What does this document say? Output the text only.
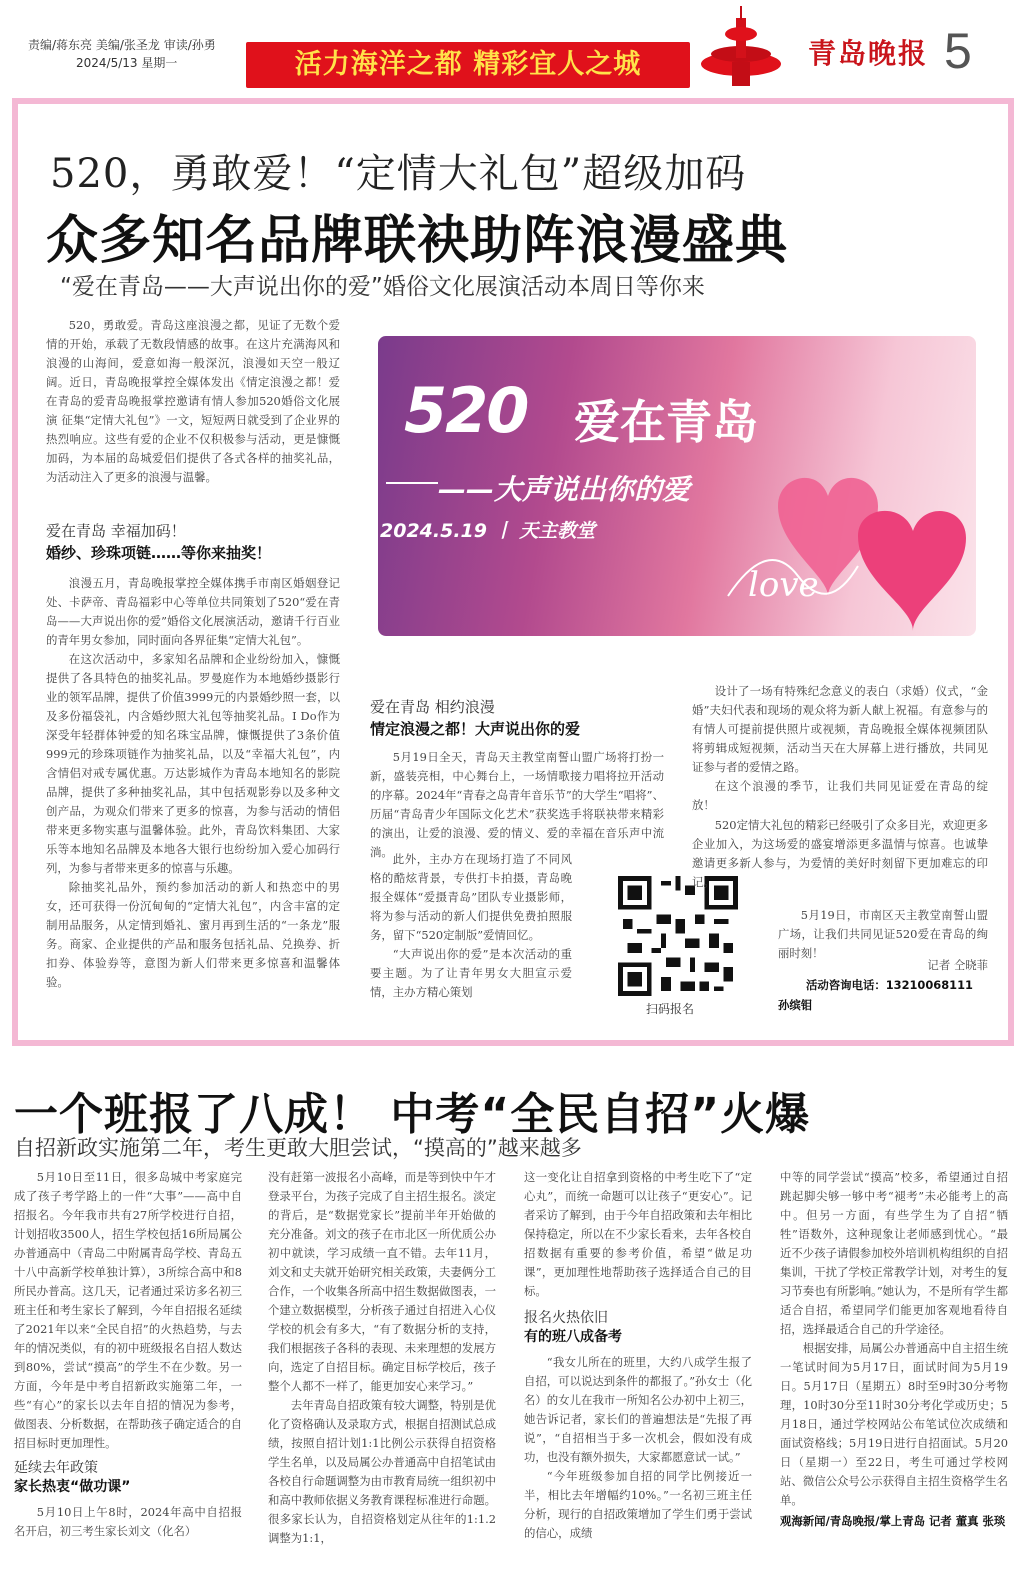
责编/蒋东亮 美编/张圣龙 审读/孙勇
2024/5/13 星期一	活力海洋之都 精彩宜人之城	青岛晚报 5
520，勇敢爱！“定情大礼包”超级加码
众多知名品牌联袂助阵浪漫盛典
“爱在青岛——大声说出你的爱”婚俗文化展演活动本周日等你来

520，勇敢爱。青岛这座浪漫之都，见证了无数个爱情的开始，承载了无数段情感的故事。在这片充满海风和浪漫的山海间，爱意如海一般深沉，浪漫如天空一般辽阔。近日，青岛晚报掌控全媒体发出《情定浪漫之都！爱在青岛的爱青岛晚报掌控邀请有情人参加520婚俗文化展演 征集“定情大礼包”》一文，短短两日就受到了企业界的热烈响应。这些有爱的企业不仅积极参与活动，更是慷慨加码，为本届的岛城爱侣们提供了各式各样的抽奖礼品，为活动注入了更多的浪漫与温馨。

爱在青岛 幸福加码！
婚纱、珍珠项链……等你来抽奖！

浪漫五月，青岛晚报掌控全媒体携手市南区婚姻登记处、卡萨帝、青岛福彩中心等单位共同策划了520“爱在青岛——大声说出你的爱”婚俗文化展演活动，邀请千行百业的青年男女参加，同时面向各界征集“定情大礼包”。

在这次活动中，多家知名品牌和企业纷纷加入，慷慨提供了各具特色的抽奖礼品。罗曼庭作为本地婚纱摄影行业的领军品牌，提供了价值3999元的内景婚纱照一套，以及多份福袋礼，内含婚纱照大礼包等抽奖礼品。I Do作为深受年轻群体钟爱的知名珠宝品牌，慷慨提供了3条价值999元的珍珠项链作为抽奖礼品，以及“幸福大礼包”，内含情侣对戒专属优惠。万达影城作为青岛本地知名的影院品牌，提供了多种抽奖礼品，其中包括观影券以及多种文创产品，为观众们带来了更多的惊喜，为参与活动的情侣带来更多物实惠与温馨体验。此外，青岛饮料集团、大家乐等本地知名品牌及本地各大银行也纷纷加入爱心加码行列，为参与者带来更多的惊喜与乐趣。

除抽奖礼品外，预约参加活动的新人和热恋中的男女，还可获得一份沉甸甸的“定情大礼包”，内含丰富的定制用品服务，从定情到婚礼、蜜月再到生活的“一条龙”服务。商家、企业提供的产品和服务包括礼品、兑换券、折扣券、体验券等，意图为新人们带来更多惊喜和温馨体验。

520 爱在青岛
——大声说出你的爱
2024.5.19 丨 天主教堂
love
爱在青岛 相约浪漫
情定浪漫之都！大声说出你的爱

5月19日全天，青岛天主教堂南誓山盟广场将打扮一新，盛装亮相，中心舞台上，一场情歌接力唱将拉开活动的序幕。2024年“青春之岛青年音乐节”的大学生“唱将”、历届“青岛青少年国际文化艺术”获奖选手将联袂带来精彩的演出，让爱的浪漫、爱的情义、爱的幸福在音乐声中流淌。 此外，主办方在现场打造了不同风格的酷炫背景，专供打卡拍摄，青岛晚报全媒体“爱摄青岛”团队专业摄影师，将为参与活动的新人们提供免费拍照服务，留下“520定制版”爱情回忆。

“大声说出你的爱”是本次活动的重要主题。为了让青年男女大胆宣示爱情，主办方精心策划

扫码报名

设计了一场有特殊纪念意义的表白（求婚）仪式，“金婚”夫妇代表和现场的观众将为新人献上祝福。有意参与的有情人可提前提供照片或视频，青岛晚报全媒体视频团队将剪辑成短视频，活动当天在大屏幕上进行播放，共同见证参与者的爱情之路。

在这个浪漫的季节，让我们共同见证爱在青岛的绽放！

520定情大礼包的精彩已经吸引了众多目光，欢迎更多企业加入，为这场爱的盛宴增添更多温情与惊喜。也诚挚邀请更多新人参与，为爱情的美好时刻留下更加难忘的印记。

5月19日，市南区天主教堂南誓山盟广场，让我们共同见证520爱在青岛的绚丽时刻！

记者 仝晓菲
活动咨询电话：13210068111
孙缤钼
一个班报了八成！ 中考“全民自招”火爆
自招新政实施第二年，考生更敢大胆尝试，“摸高的”越来越多

5月10日至11日，很多岛城中考家庭完成了孩子考学路上的一件“大事”——高中自招报名。今年我市共有27所学校进行自招，计划招收3500人，招生学校包括16所局属公办普通高中（青岛二中附属青岛学校、青岛五十八中高新学校单独计算），3所综合高中和8所民办普高。这几天，记者通过采访多名初三班主任和考生家长了解到，今年自招报名延续了2021年以来“全民自招”的火热趋势，与去年的情况类似，有的初中班级报名自招人数达到80%，尝试“摸高”的学生不在少数。另一方面，今年是中考自招新政实施第二年，一些“有心”的家长以去年自招的情况为参考，做图表、分析数据，在帮助孩子确定适合的自招目标时更加理性。

延续去年政策
家长热衷“做功课”

5月10日上午8时，2024年高中自招报名开启，初三考生家长刘文（化名）

没有赶第一波报名小高峰，而是等到快中午才登录平台，为孩子完成了自主招生报名。淡定的背后，是“数据党家长”提前半年开始做的充分准备。刘文的孩子在市北区一所优质公办初中就读，学习成绩一直不错。去年11月，刘文和丈夫就开始研究相关政策，夫妻俩分工合作，一个收集各所高中招生数据做图表，一个建立数据模型，分析孩子通过自招进入心仪学校的机会有多大，“有了数据分析的支持，我们根据孩子各科的表现、未来理想的发展方向，选定了自招目标。确定目标学校后，孩子整个人都不一样了，能更加安心来学习。”

去年青岛自招政策有较大调整，特别是优化了资格确认及录取方式，根据自招测试总成绩，按照自招计划1:1比例公示获得自招资格学生名单，以及局属公办普通高中自招笔试由各校自行命题调整为由市教育局统一组织初中和高中教师依据义务教育课程标准进行命题。很多家长认为，自招资格划定从往年的1:1.2调整为1:1，

这一变化让自招拿到资格的中考生吃下了“定心丸”，而统一命题可以让孩子“更安心”。记者采访了解到，由于今年自招政策和去年相比保持稳定，所以在不少家长看来，去年各校自招数据有重要的参考价值，希望“做足功课”，更加理性地帮助孩子选择适合自己的目标。

报名火热依旧
有的班八成备考

“我女儿所在的班里，大约八成学生报了自招，可以说达到条件的都报了。”孙女士（化名）的女儿在我市一所知名公办初中上初三，她告诉记者，家长们的普遍想法是“先报了再说”，“自招相当于多一次机会，假如没有成功，也没有额外损失，大家都愿意试一试。”

“今年班级参加自招的同学比例接近一半，相比去年增幅约10%。”一名初三班主任分析，现行的自招政策增加了学生们勇于尝试的信心，成绩

中等的同学尝试“摸高”校多，希望通过自招跳起脚尖够一够中考“褪考”未必能考上的高中。但另一方面，有些学生为了自招“牺牲”语数外，这种现象让老师感到忧心。“最近不少孩子请假参加校外培训机构组织的自招集训，干扰了学校正常教学计划，对考生的复习节奏也有所影响。”她认为，不是所有学生都适合自招，希望同学们能更加客观地看待自招，选择最适合自己的升学途径。

根据安排，局属公办普通高中自主招生统一笔试时间为5月17日，面试时间为5月19日。5月17日（星期五）8时至9时30分考物理，10时30分至11时30分考化学或历史；5月18日，通过学校网站公布笔试位次成绩和面试资格线；5月19日进行自招面试。5月20日（星期一）至22日，考生可通过学校网站、微信公众号公示获得自主招生资格学生名单。

观海新闻/青岛晚报/掌上青岛 记者 董真 张琰
